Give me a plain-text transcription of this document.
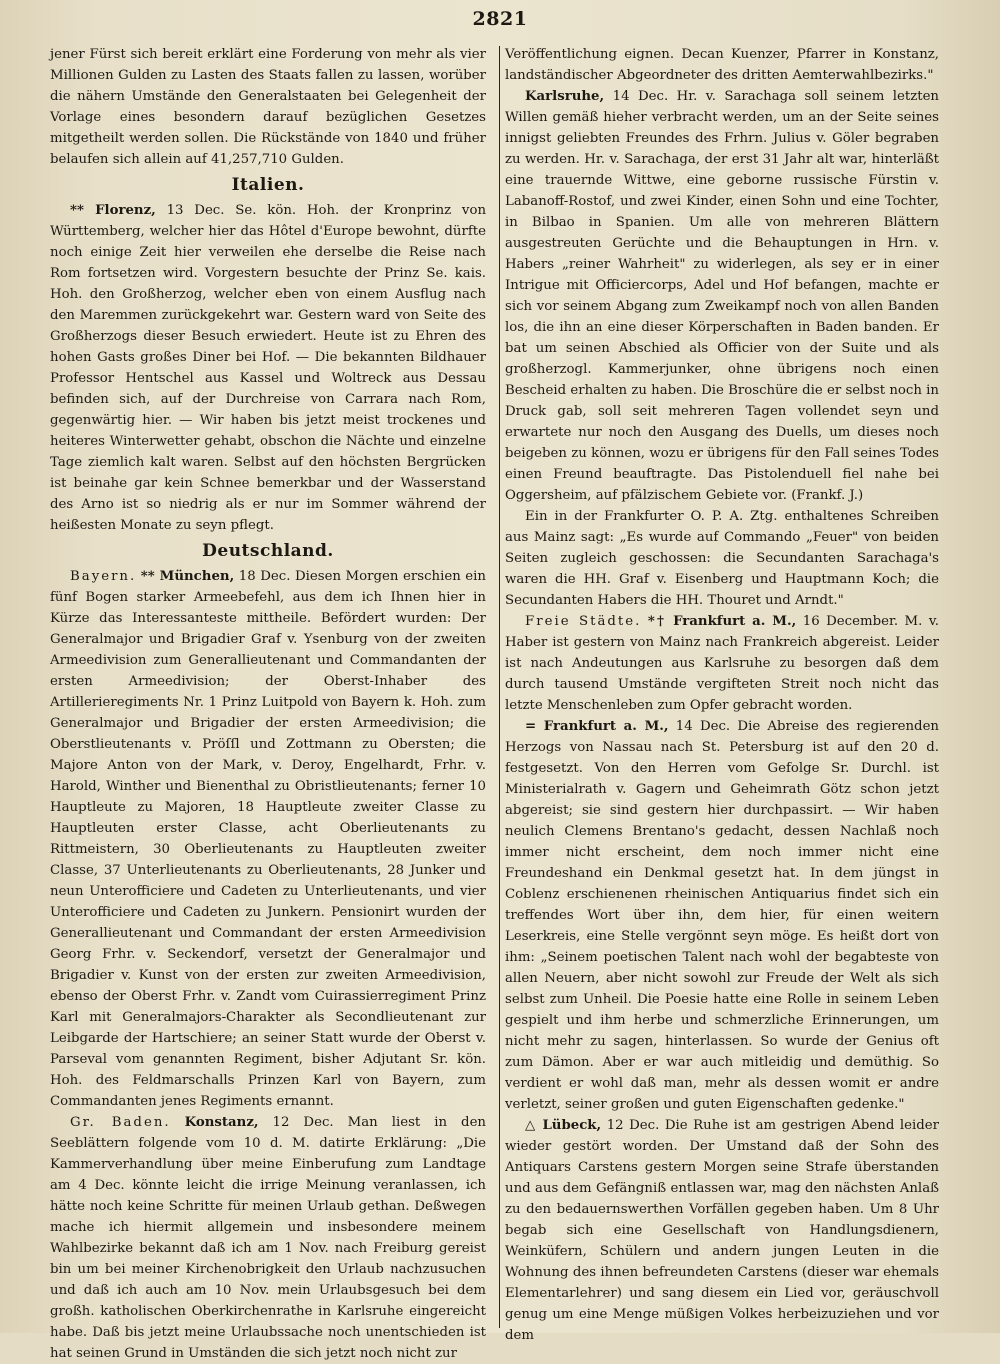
2821

jener Fürst sich bereit erklärt eine Forderung von mehr als vier Millionen Gulden zu Lasten des Staats fallen zu lassen, worüber die nähern Umstände den Generalstaaten bei Gelegenheit der Vorlage eines besondern darauf bezüglichen Gesetzes mitgetheilt werden sollen. Die Rückstände von 1840 und früher belaufen sich allein auf 41,257,710 Gulden.

Italien.

** Florenz, 13 Dec. Se. kön. Hoh. der Kronprinz von Württemberg, welcher hier das Hôtel d'Europe bewohnt, dürfte noch einige Zeit hier verweilen ehe derselbe die Reise nach Rom fortsetzen wird. Vorgestern besuchte der Prinz Se. kais. Hoh. den Großherzog, welcher eben von einem Ausflug nach den Maremmen zurückgekehrt war. Gestern ward von Seite des Großherzogs dieser Besuch erwiedert. Heute ist zu Ehren des hohen Gasts großes Diner bei Hof. — Die bekannten Bildhauer Professor Hentschel aus Kassel und Woltreck aus Dessau befinden sich, auf der Durchreise von Carrara nach Rom, gegenwärtig hier. — Wir haben bis jetzt meist trockenes und heiteres Winterwetter gehabt, obschon die Nächte und einzelne Tage ziemlich kalt waren. Selbst auf den höchsten Bergrücken ist beinahe gar kein Schnee bemerkbar und der Wasserstand des Arno ist so niedrig als er nur im Sommer während der heißesten Monate zu seyn pflegt.

Deutschland.

Bayern. ** München, 18 Dec. Diesen Morgen erschien ein fünf Bogen starker Armeebefehl, aus dem ich Ihnen hier in Kürze das Interessanteste mittheile. Befördert wurden: Der Generalmajor und Brigadier Graf v. Ysenburg von der zweiten Armeedivision zum Generallieutenant und Commandanten der ersten Armeedivision; der Oberst-Inhaber des Artillerieregiments Nr. 1 Prinz Luitpold von Bayern k. Hoh. zum Generalmajor und Brigadier der ersten Armeedivision; die Oberstlieutenants v. Pröſſl und Zottmann zu Obersten; die Majore Anton von der Mark, v. Deroy, Engelhardt, Frhr. v. Harold, Winther und Bienenthal zu Obristlieutenants; ferner 10 Hauptleute zu Majoren, 18 Hauptleute zweiter Classe zu Hauptleuten erster Classe, acht Oberlieutenants zu Rittmeistern, 30 Oberlieutenants zu Hauptleuten zweiter Classe, 37 Unterlieutenants zu Oberlieutenants, 28 Junker und neun Unterofficiere und Cadeten zu Unterlieutenants, und vier Unterofficiere und Cadeten zu Junkern. Pensionirt wurden der Generallieutenant und Commandant der ersten Armeedivision Georg Frhr. v. Seckendorf, versetzt der Generalmajor und Brigadier v. Kunst von der ersten zur zweiten Armeedivision, ebenso der Oberst Frhr. v. Zandt vom Cuirassierregiment Prinz Karl mit Generalmajors-Charakter als Secondlieutenant zur Leibgarde der Hartschiere; an seiner Statt wurde der Oberst v. Parseval vom genannten Regiment, bisher Adjutant Sr. kön. Hoh. des Feldmarschalls Prinzen Karl von Bayern, zum Commandanten jenes Regiments ernannt.

Gr. Baden. Konstanz, 12 Dec. Man liest in den Seeblättern folgende vom 10 d. M. datirte Erklärung: „Die Kammerverhandlung über meine Einberufung zum Landtage am 4 Dec. könnte leicht die irrige Meinung veranlassen, ich hätte noch keine Schritte für meinen Urlaub gethan. Deßwegen mache ich hiermit allgemein und insbesondere meinem Wahlbezirke bekannt daß ich am 1 Nov. nach Freiburg gereist bin um bei meiner Kirchenobrigkeit den Urlaub nachzusuchen und daß ich auch am 10 Nov. mein Urlaubsgesuch bei dem großh. katholischen Oberkirchenrathe in Karlsruhe eingereicht habe. Daß bis jetzt meine Urlaubssache noch unentschieden ist hat seinen Grund in Umständen die sich jetzt noch nicht zur

Veröffentlichung eignen. Decan Kuenzer, Pfarrer in Konstanz, landständischer Abgeordneter des dritten Aemterwahlbezirks."

Karlsruhe, 14 Dec. Hr. v. Sarachaga soll seinem letzten Willen gemäß hieher verbracht werden, um an der Seite seines innigst geliebten Freundes des Frhrn. Julius v. Göler begraben zu werden. Hr. v. Sarachaga, der erst 31 Jahr alt war, hinterläßt eine trauernde Wittwe, eine geborne russische Fürstin v. Labanoff-Rostof, und zwei Kinder, einen Sohn und eine Tochter, in Bilbao in Spanien. Um alle von mehreren Blättern ausgestreuten Gerüchte und die Behauptungen in Hrn. v. Habers „reiner Wahrheit" zu widerlegen, als sey er in einer Intrigue mit Officiercorps, Adel und Hof befangen, machte er sich vor seinem Abgang zum Zweikampf noch von allen Banden los, die ihn an eine dieser Körperschaften in Baden banden. Er bat um seinen Abschied als Officier von der Suite und als großherzogl. Kammerjunker, ohne übrigens noch einen Bescheid erhalten zu haben. Die Broschüre die er selbst noch in Druck gab, soll seit mehreren Tagen vollendet seyn und erwartete nur noch den Ausgang des Duells, um dieses noch beigeben zu können, wozu er übrigens für den Fall seines Todes einen Freund beauftragte. Das Pistolenduell fiel nahe bei Oggersheim, auf pfälzischem Gebiete vor. (Frankf. J.)

Ein in der Frankfurter O. P. A. Ztg. enthaltenes Schreiben aus Mainz sagt: „Es wurde auf Commando „Feuer" von beiden Seiten zugleich geschossen: die Secundanten Sarachaga's waren die HH. Graf v. Eisenberg und Hauptmann Koch; die Secundanten Habers die HH. Thouret und Arndt."

Freie Städte. *† Frankfurt a. M., 16 December. M. v. Haber ist gestern von Mainz nach Frankreich abgereist. Leider ist nach Andeutungen aus Karlsruhe zu besorgen daß dem durch tausend Umstände vergifteten Streit noch nicht das letzte Menschenleben zum Opfer gebracht worden.

= Frankfurt a. M., 14 Dec. Die Abreise des regierenden Herzogs von Nassau nach St. Petersburg ist auf den 20 d. festgesetzt. Von den Herren vom Gefolge Sr. Durchl. ist Ministerialrath v. Gagern und Geheimrath Götz schon jetzt abgereist; sie sind gestern hier durchpassirt. — Wir haben neulich Clemens Brentano's gedacht, dessen Nachlaß noch immer nicht erscheint, dem noch immer nicht eine Freundeshand ein Denkmal gesetzt hat. In dem jüngst in Coblenz erschienenen rheinischen Antiquarius findet sich ein treffendes Wort über ihn, dem hier, für einen weitern Leserkreis, eine Stelle vergönnt seyn möge. Es heißt dort von ihm: „Seinem poetischen Talent nach wohl der begabteste von allen Neuern, aber nicht sowohl zur Freude der Welt als sich selbst zum Unheil. Die Poesie hatte eine Rolle in seinem Leben gespielt und ihm herbe und schmerzliche Erinnerungen, um nicht mehr zu sagen, hinterlassen. So wurde der Genius oft zum Dämon. Aber er war auch mitleidig und demüthig. So verdient er wohl daß man, mehr als dessen womit er andre verletzt, seiner großen und guten Eigenschaften gedenke."

△ Lübeck, 12 Dec. Die Ruhe ist am gestrigen Abend leider wieder gestört worden. Der Umstand daß der Sohn des Antiquars Carstens gestern Morgen seine Strafe überstanden und aus dem Gefängniß entlassen war, mag den nächsten Anlaß zu den bedauernswerthen Vorfällen gegeben haben. Um 8 Uhr begab sich eine Gesellschaft von Handlungsdienern, Weinküfern, Schülern und andern jungen Leuten in die Wohnung des ihnen befreundeten Carstens (dieser war ehemals Elementarlehrer) und sang diesem ein Lied vor, geräuschvoll genug um eine Menge müßigen Volkes herbeizuziehen und vor dem
